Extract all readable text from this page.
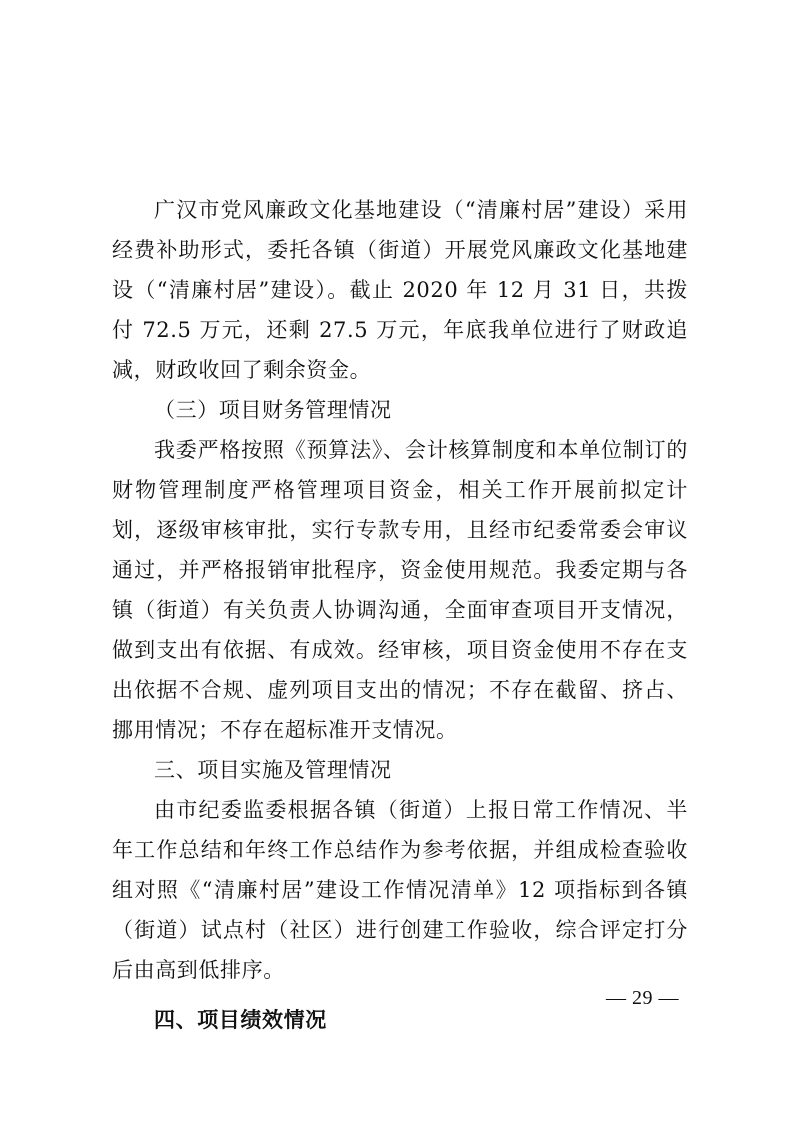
广汉市党风廉政文化基地建设（“清廉村居”建设）采用经费补助形式，委托各镇（街道）开展党风廉政文化基地建设（“清廉村居”建设）。截止 2020 年 12 月 31 日，共拨付 72.5 万元，还剩 27.5 万元，年底我单位进行了财政追减，财政收回了剩余资金。

（三）项目财务管理情况

我委严格按照《预算法》、会计核算制度和本单位制订的财物管理制度严格管理项目资金，相关工作开展前拟定计划，逐级审核审批，实行专款专用，且经市纪委常委会审议通过，并严格报销审批程序，资金使用规范。我委定期与各镇（街道）有关负责人协调沟通，全面审查项目开支情况，做到支出有依据、有成效。经审核，项目资金使用不存在支出依据不合规、虚列项目支出的情况；不存在截留、挤占、挪用情况；不存在超标准开支情况。

三、项目实施及管理情况

由市纪委监委根据各镇（街道）上报日常工作情况、半年工作总结和年终工作总结作为参考依据，并组成检查验收组对照《“清廉村居”建设工作情况清单》12 项指标到各镇（街道）试点村（社区）进行创建工作验收，综合评定打分后由高到低排序。

四、项目绩效情况

— 29 —
